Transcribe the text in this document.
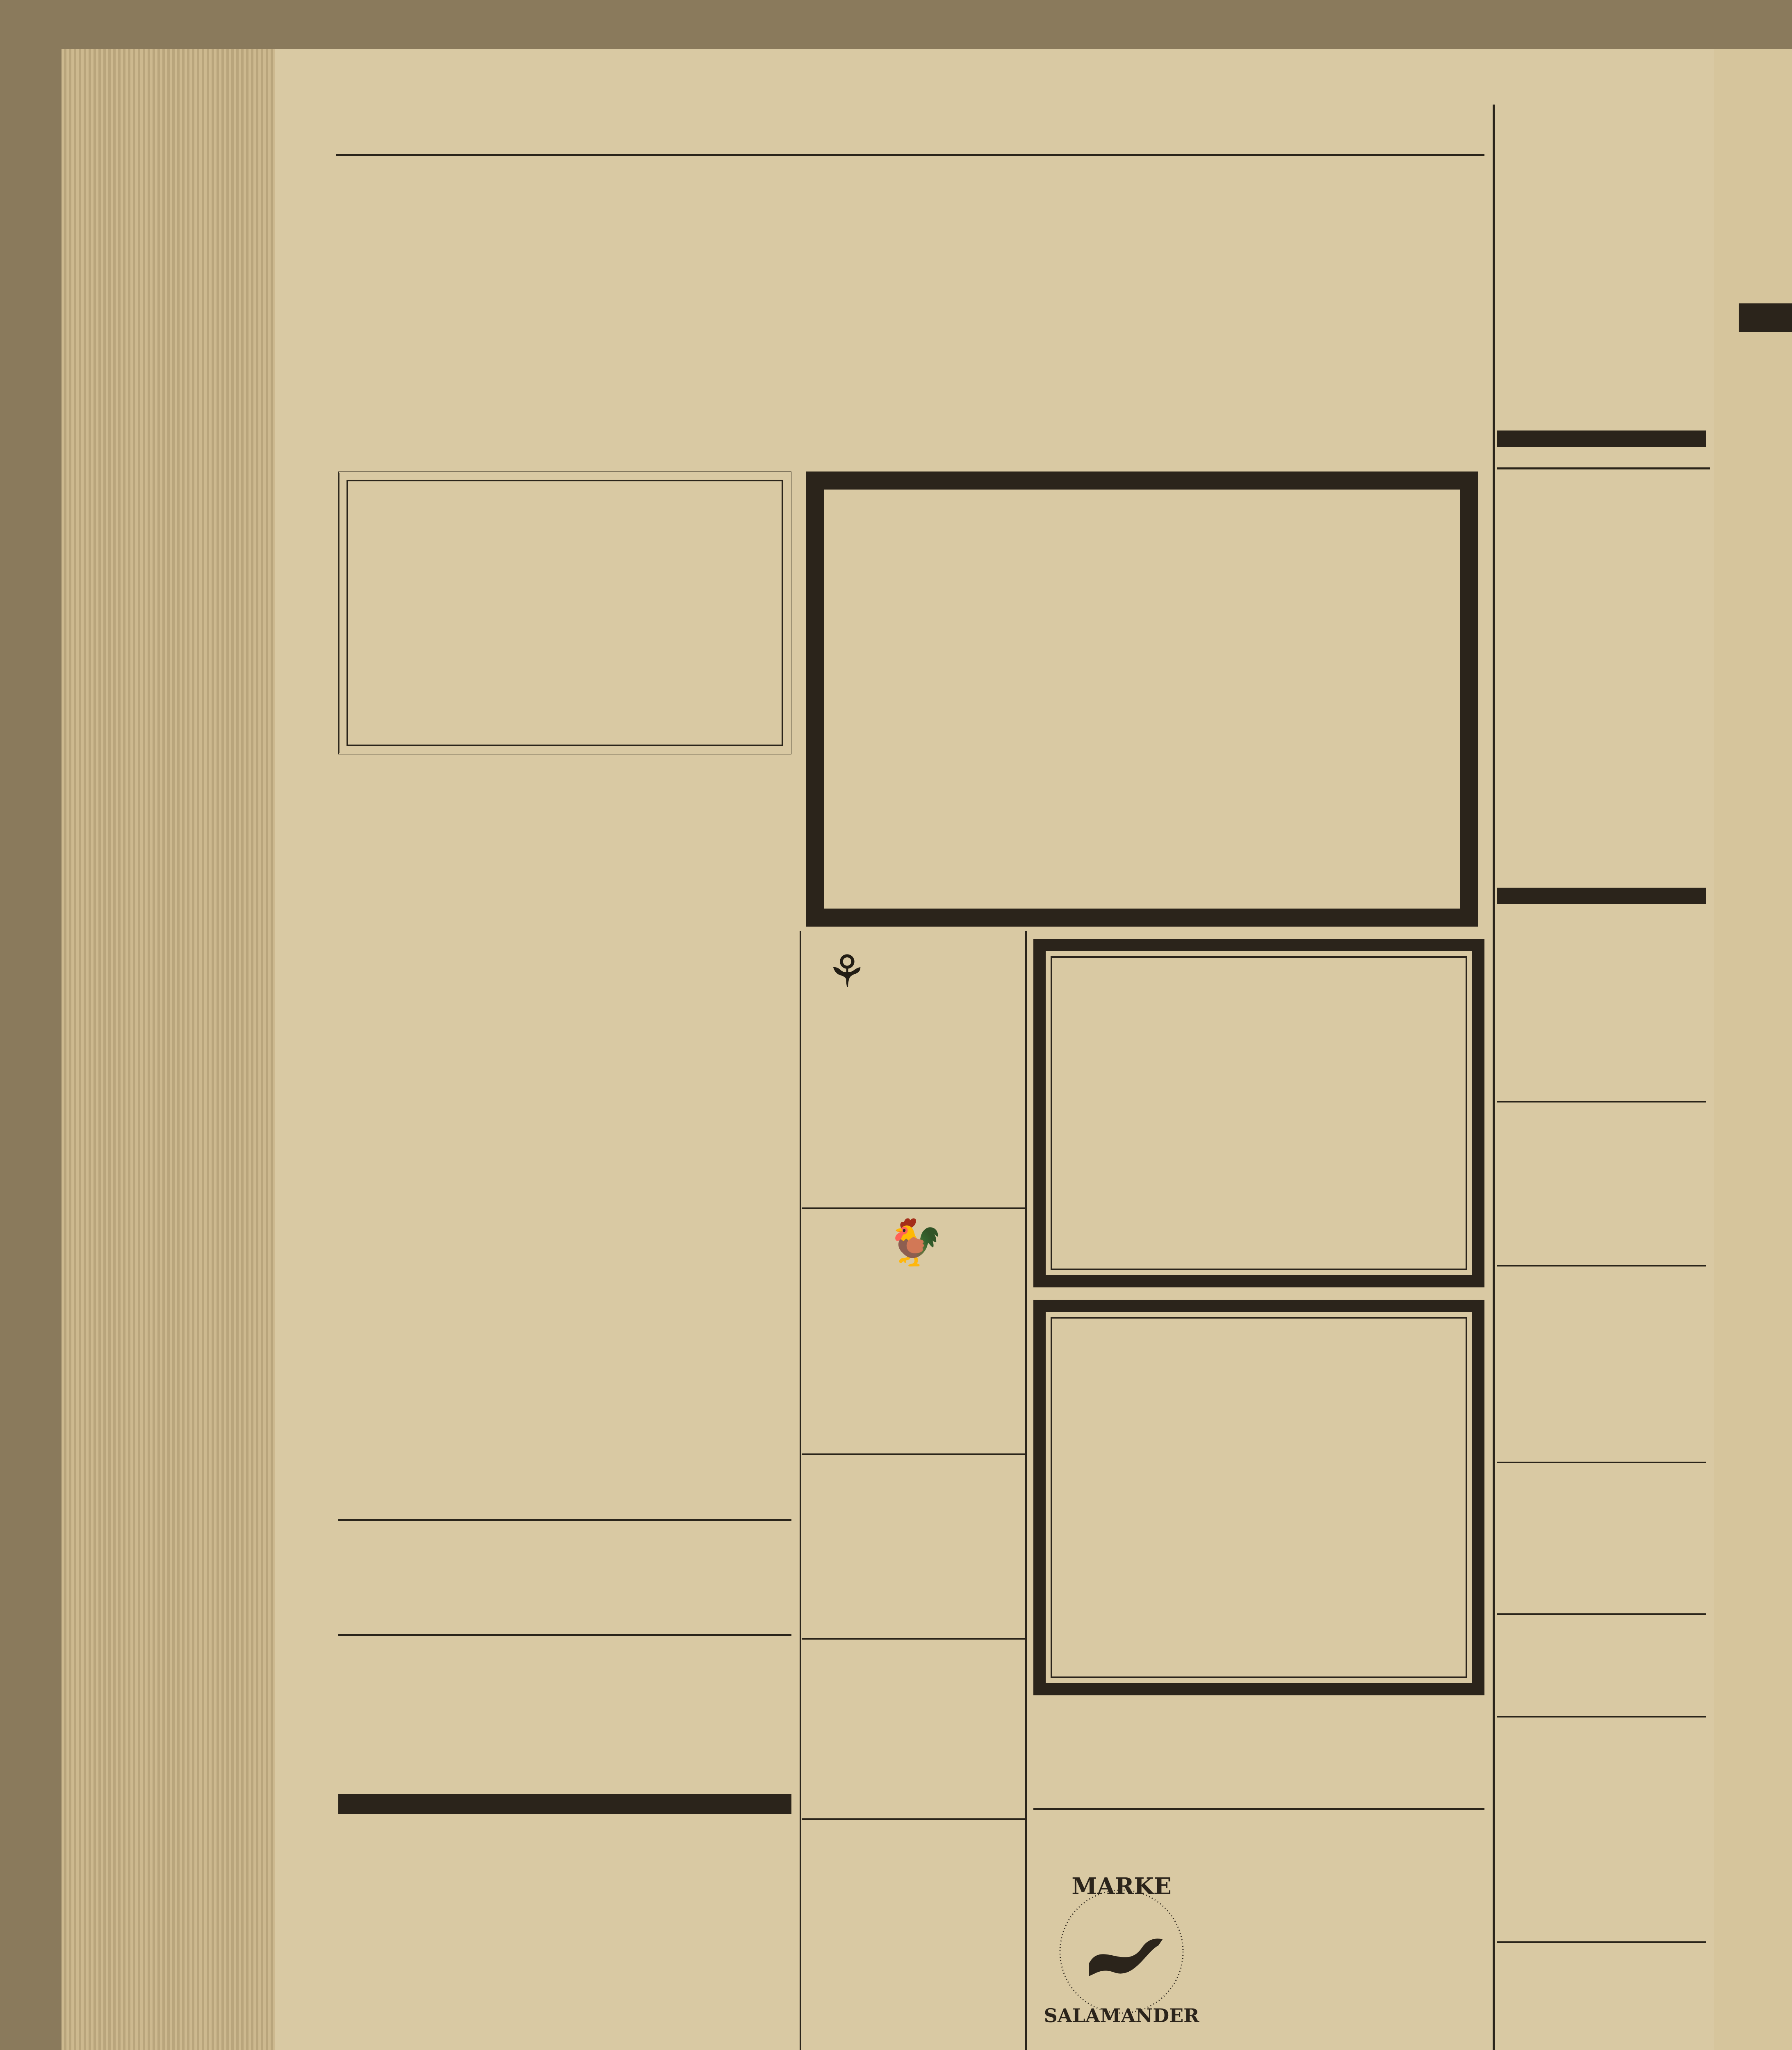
⚘
🐓
MARKE
SALAMANDER
